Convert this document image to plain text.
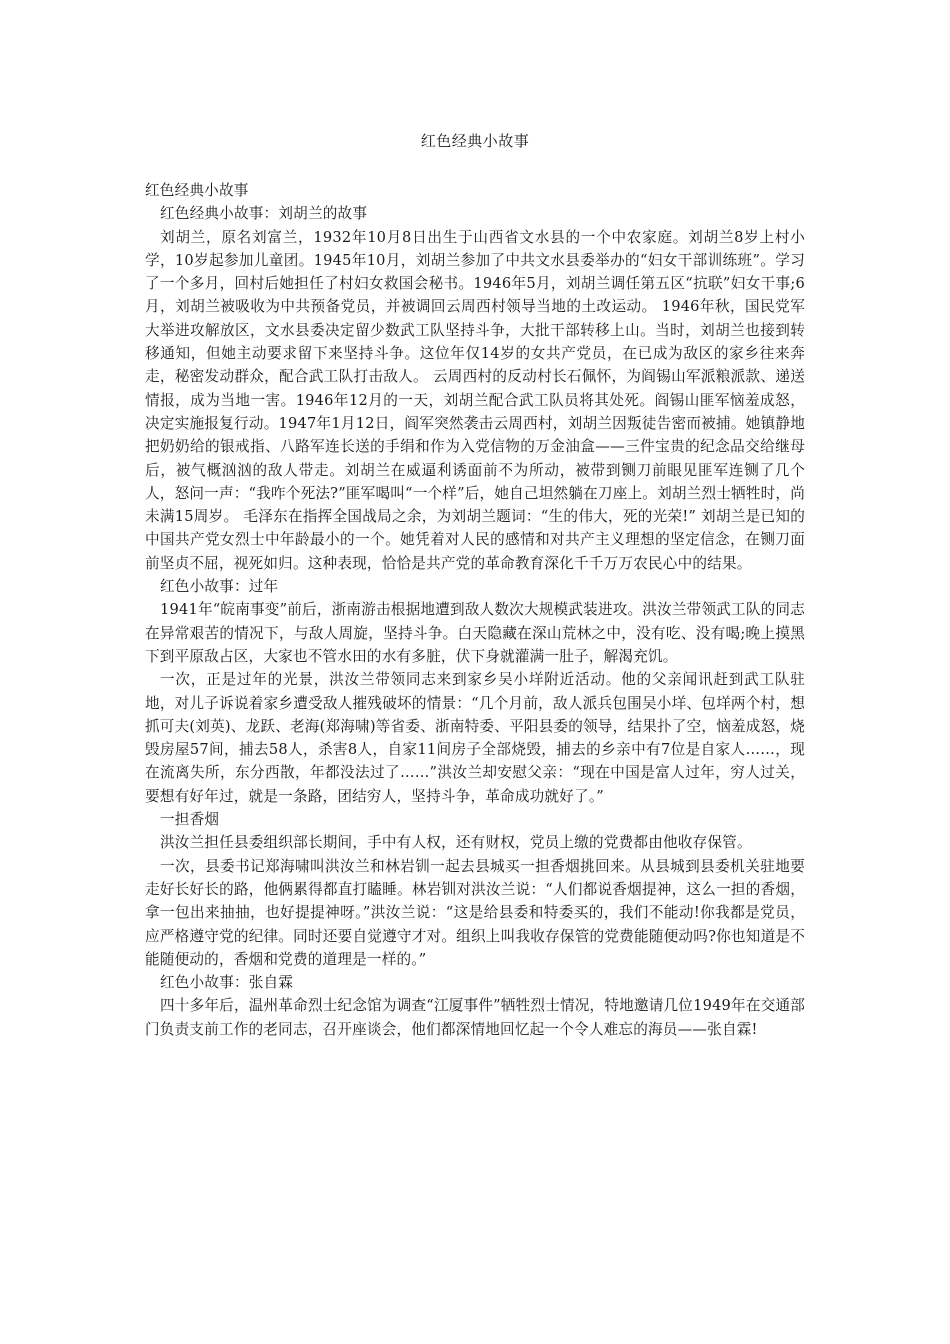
红色经典小故事

红色经典小故事

红色经典小故事：刘胡兰的故事

刘胡兰，原名刘富兰，1932年10月8日出生于山西省文水县的一个中农家庭。刘胡兰8岁上村小学，10岁起参加儿童团。1945年10月，刘胡兰参加了中共文水县委举办的“妇女干部训练班”。学习了一个多月，回村后她担任了村妇女救国会秘书。1946年5月，刘胡兰调任第五区“抗联”妇女干事;6月，刘胡兰被吸收为中共预备党员，并被调回云周西村领导当地的土改运动。 1946年秋，国民党军大举进攻解放区，文水县委决定留少数武工队坚持斗争，大批干部转移上山。当时，刘胡兰也接到转移通知，但她主动要求留下来坚持斗争。这位年仅14岁的女共产党员，在已成为敌区的家乡往来奔走，秘密发动群众，配合武工队打击敌人。 云周西村的反动村长石佩怀，为阎锡山军派粮派款、递送情报，成为当地一害。1946年12月的一天，刘胡兰配合武工队员将其处死。阎锡山匪军恼羞成怒，决定实施报复行动。1947年1月12日，阎军突然袭击云周西村，刘胡兰因叛徒告密而被捕。她镇静地把奶奶给的银戒指、八路军连长送的手绢和作为入党信物的万金油盒——三件宝贵的纪念品交给继母后，被气概汹汹的敌人带走。刘胡兰在威逼利诱面前不为所动，被带到铡刀前眼见匪军连铡了几个人，怒问一声：“我咋个死法?”匪军喝叫“一个样”后，她自己坦然躺在刀座上。刘胡兰烈士牺牲时，尚未满15周岁。 毛泽东在指挥全国战局之余，为刘胡兰题词：“生的伟大，死的光荣!” 刘胡兰是已知的中国共产党女烈士中年龄最小的一个。她凭着对人民的感情和对共产主义理想的坚定信念，在铡刀面前坚贞不屈，视死如归。这种表现，恰恰是共产党的革命教育深化千千万万农民心中的结果。

红色小故事：过年

1941年“皖南事变”前后，浙南游击根据地遭到敌人数次大规模武装进攻。洪汝兰带领武工队的同志在异常艰苦的情况下，与敌人周旋，坚持斗争。白天隐藏在深山荒林之中，没有吃、没有喝;晚上摸黑下到平原敌占区，大家也不管水田的水有多脏，伏下身就灌满一肚子，解渴充饥。

一次，正是过年的光景，洪汝兰带领同志来到家乡吴小垟附近活动。他的父亲闻讯赶到武工队驻地，对儿子诉说着家乡遭受敌人摧残破坏的情景：“几个月前，敌人派兵包围吴小垟、包垟两个村，想抓可夫(刘英)、龙跃、老海(郑海啸)等省委、浙南特委、平阳县委的领导，结果扑了空，恼羞成怒，烧毁房屋57间，捕去58人，杀害8人，自家11间房子全部烧毁，捕去的乡亲中有7位是自家人……，现在流离失所，东分西散，年都没法过了……”洪汝兰却安慰父亲：“现在中国是富人过年，穷人过关，要想有好年过，就是一条路，团结穷人，坚持斗争，革命成功就好了。”

一担香烟

洪汝兰担任县委组织部长期间，手中有人权，还有财权，党员上缴的党费都由他收存保管。

一次，县委书记郑海啸叫洪汝兰和林岩钏一起去县城买一担香烟挑回来。从县城到县委机关驻地要走好长好长的路，他俩累得都直打瞌睡。林岩钏对洪汝兰说：“人们都说香烟提神，这么一担的香烟，拿一包出来抽抽，也好提提神呀。”洪汝兰说：“这是给县委和特委买的，我们不能动!你我都是党员，应严格遵守党的纪律。同时还要自觉遵守才对。组织上叫我收存保管的党费能随便动吗?你也知道是不能随便动的，香烟和党费的道理是一样的。”

红色小故事：张自霖

四十多年后，温州革命烈士纪念馆为调查“江厦事件”牺牲烈士情况，特地邀请几位1949年在交通部门负责支前工作的老同志，召开座谈会，他们都深情地回忆起一个令人难忘的海员——张自霖!
